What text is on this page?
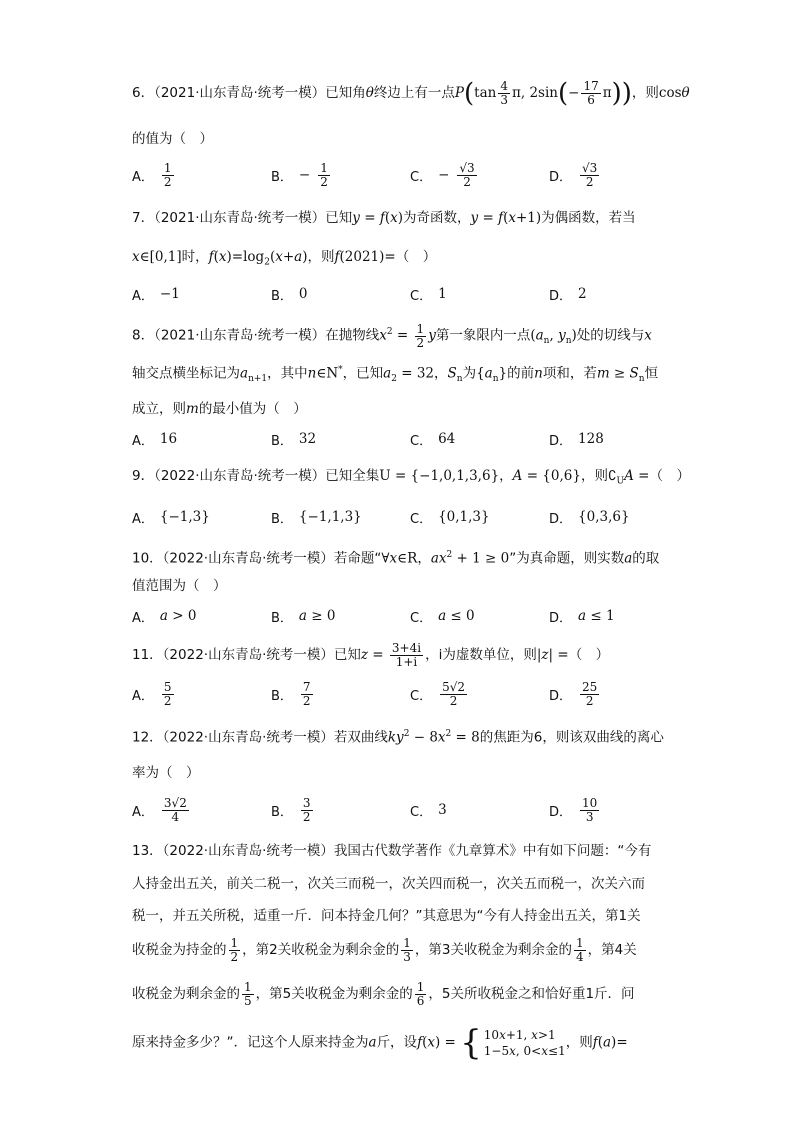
6．（2021·山东青岛·统考一模）已知角θ终边上有一点$P(\tan \frac{4}{3} \pi$, $2\sin(- \frac{17}{6} \pi)$)，则cosθ
的值为（　）
A． $\frac{1}{2}$	B． − $\frac{1}{2}$	C． − $\frac{√3}{2}$	D． $\frac{√3}{2}$
7．（2021·山东青岛·统考一模）已知y = f(x)为奇函数，y = f(x+1)为偶函数，若当
x∈[0,1]时，$f(x)=\log_2(x+a)$，则f(2021)=（　）
A． −1	B． 0	C． 1	D． 2
8．（2021·山东青岛·统考一模）在抛物线$x^2 = \frac{1}{2}$ y第一象限内一点($a_n$, $y_n$)处的切线与x
轴交点横坐标记为$a_{n+1}$，其中n∈N*，已知$a_2 = 32$，$S_n$为$\{a_n\}$的前n项和，若$m \ge S_n$恒
成立，则m的最小值为（　）
A． 16	B． 32	C． 64	D． 128
9．（2022·山东青岛·统考一模）已知全集U = {−1,0,1,3,6}，A = {0,6}，则$∁_UA$ =（　）
A． {−1,3}	B． {−1,1,3}	C． {0,1,3}	D． {0,3,6}
10．（2022·山东青岛·统考一模）若命题“∀x∈R，$ax^2 + 1 \ge 0$”为真命题，则实数a的取
值范围为（　）
A． a > 0	B． a ≥ 0	C． a ≤ 0	D． a ≤ 1
11．（2022·山东青岛·统考一模）已知$z = \frac{3+4i}{1+i}$ ，i为虚数单位，则|z| =（　）
A． $\frac{5}{2}$	B． $\frac{7}{2}$	C． $\frac{5√2}{2}$	D． $\frac{25}{2}$
12．（2022·山东青岛·统考一模）若双曲线$ky^2 - 8x^2 = 8$的焦距为6，则该双曲线的离心
率为（　）
A． $\frac{3√2}{4}$	B． $\frac{3}{2}$	C． 3	D． $\frac{10}{3}$
13．（2022·山东青岛·统考一模）我国古代数学著作《九章算术》中有如下问题：“今有
人持金出五关，前关二税一，次关三而税一，次关四而税一，次关五而税一，次关六而
税一，并五关所税，适重一斤．问本持金几何？”其意思为“今有人持金出五关，第1关
收税金为持金的 $\frac{1}{2}$ ，第2关收税金为剩余金的 $\frac{1}{3}$ ，第3关收税金为剩余金的 $\frac{1}{4}$ ，第4关
收税金为剩余金的 $\frac{1}{5}$ ，第5关收税金为剩余金的 $\frac{1}{6}$ ，5关所收税金之和恰好重1斤．问
原来持金多少？”．记这个人原来持金为a斤，设f(x) = { 10x+1, x>1
1−5x, 0<x≤1
，则f(a)=
